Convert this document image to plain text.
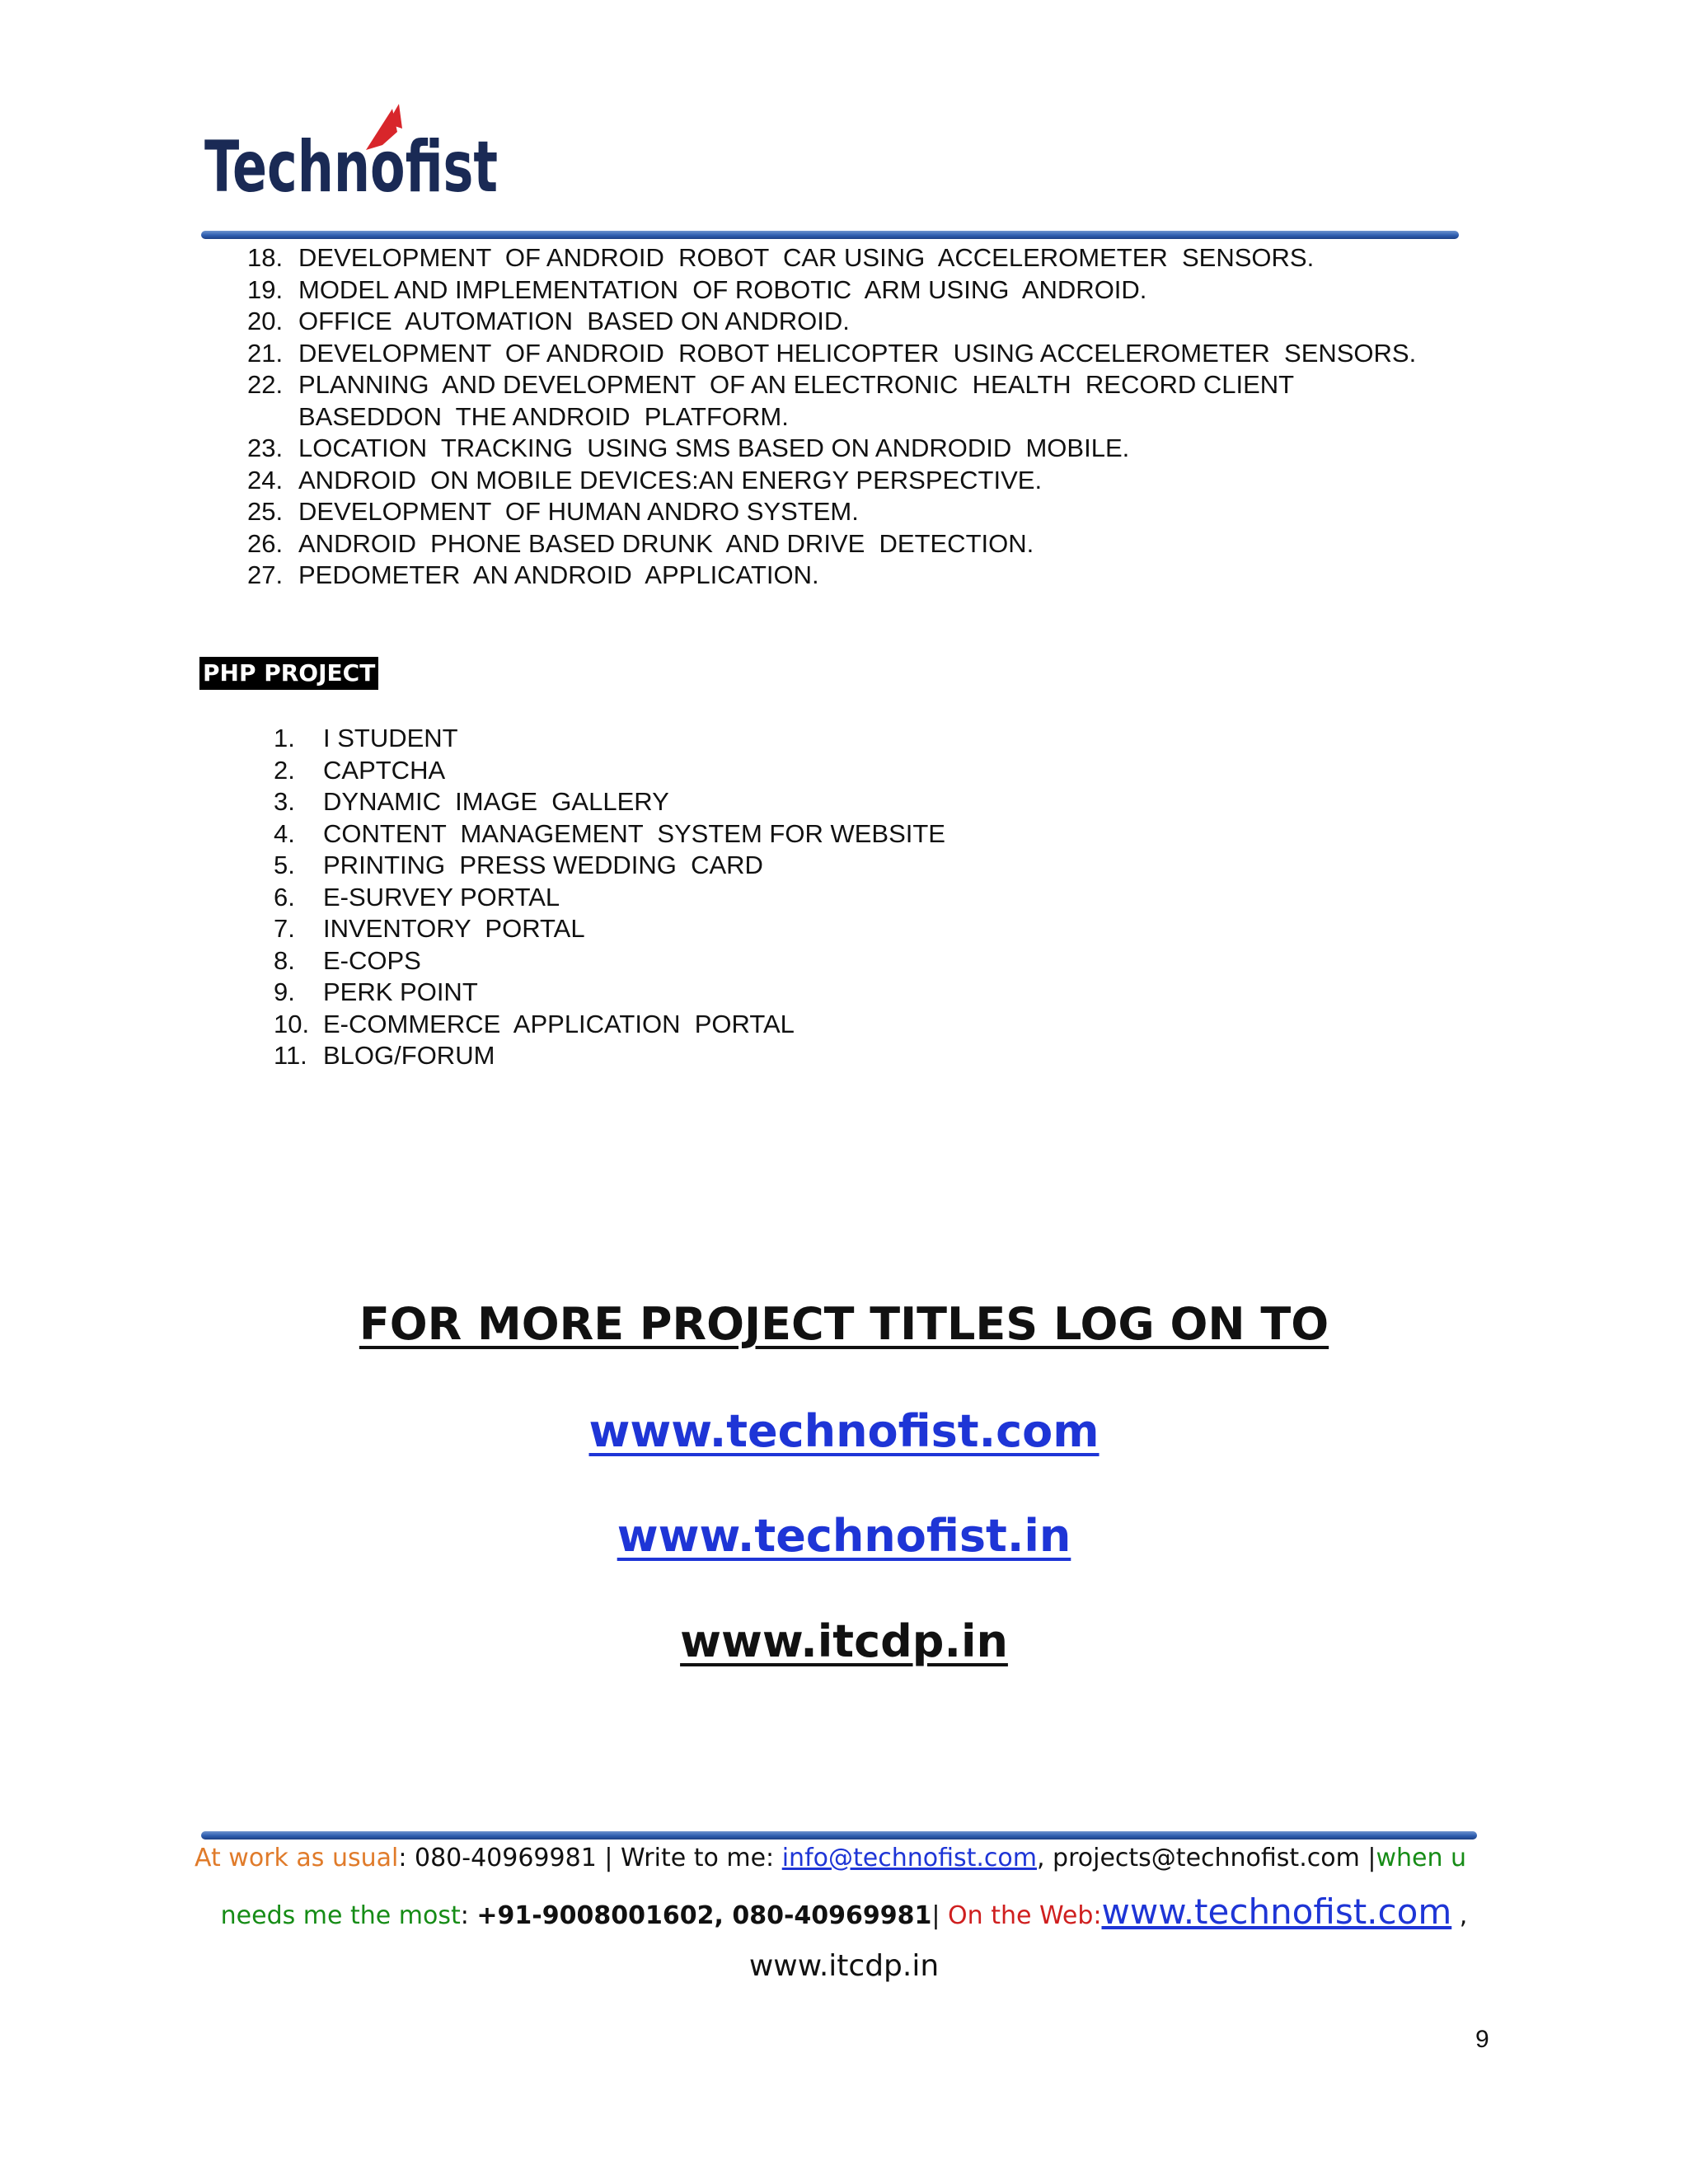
Technofist
18. DEVELOPMENT  OF ANDROID  ROBOT  CAR USING  ACCELEROMETER  SENSORS.
19. MODEL AND IMPLEMENTATION  OF ROBOTIC  ARM USING  ANDROID.
20. OFFICE  AUTOMATION  BASED ON ANDROID.
21. DEVELOPMENT  OF ANDROID  ROBOT HELICOPTER  USING ACCELEROMETER  SENSORS.
22. PLANNING  AND DEVELOPMENT  OF AN ELECTRONIC  HEALTH  RECORD CLIENT
BASEDDON  THE ANDROID  PLATFORM.
23. LOCATION  TRACKING  USING SMS BASED ON ANDRODID  MOBILE.
24. ANDROID  ON MOBILE DEVICES:AN ENERGY PERSPECTIVE.
25. DEVELOPMENT  OF HUMAN ANDRO SYSTEM.
26. ANDROID  PHONE BASED DRUNK  AND DRIVE  DETECTION.
27. PEDOMETER  AN ANDROID  APPLICATION.
PHP PROJECT
1. I STUDENT
2. CAPTCHA
3. DYNAMIC  IMAGE  GALLERY
4. CONTENT  MANAGEMENT  SYSTEM FOR WEBSITE
5. PRINTING  PRESS WEDDING  CARD
6. E-SURVEY PORTAL
7. INVENTORY  PORTAL
8. E-COPS
9. PERK POINT
10. E-COMMERCE  APPLICATION  PORTAL
11. BLOG/FORUM
FOR MORE PROJECT TITLES LOG ON TO
www.technofist.com
www.technofist.in
www.itcdp.in
At work as usual: 080-40969981 | Write to me: info@technofist.com, projects@technofist.com |when u
needs me the most: +91-9008001602, 080-40969981| On the Web:www.technofist.com ,
www.itcdp.in
9
